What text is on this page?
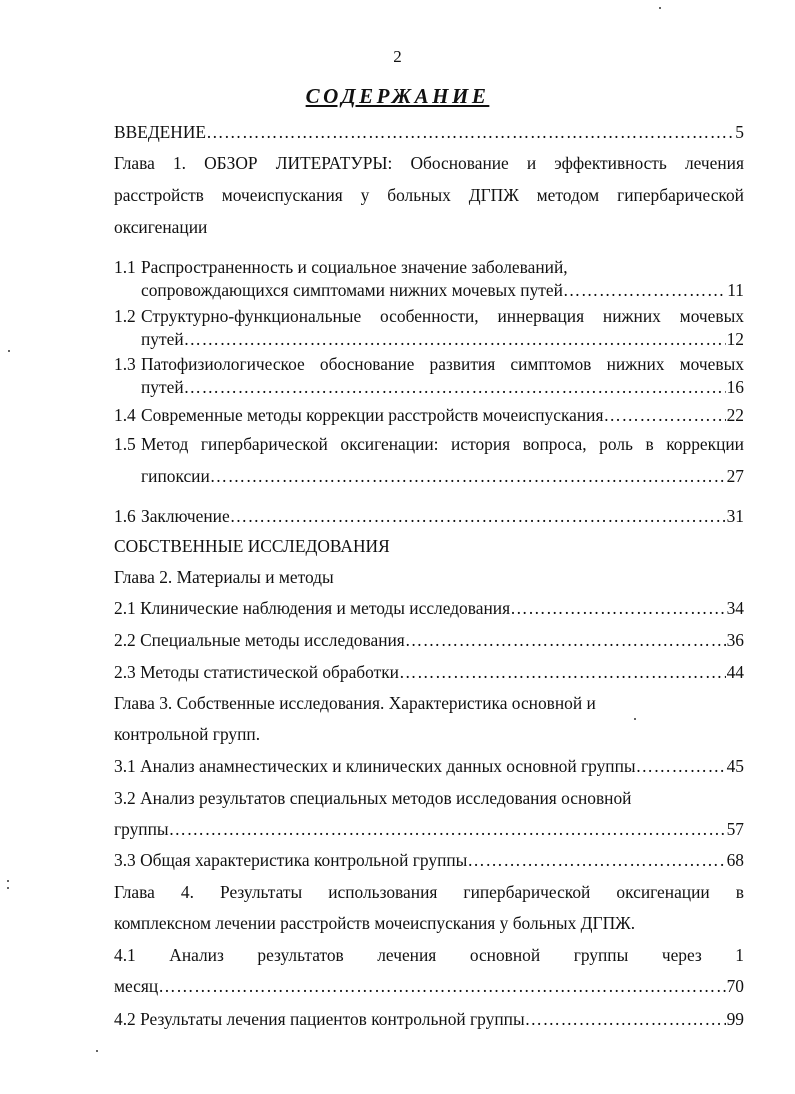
2
СОДЕРЖАНИЕ
ВВЕДЕНИЕ …………………………………………………………………………………………………………………………………………………………………………	5
Глава 1. ОБЗОР ЛИТЕРАТУРЫ: Обоснование и эффективность лечения
расстройств мочеиспускания у больных ДГПЖ методом гипербарической
оксигенации
1.1 Распространенность и социальное значение заболеваний,
сопровождающихся симптомами нижних мочевых путей …………………………………………………………………………………………………………………………………………………………………………	11
1.2 Структурно-функциональные особенности, иннервация нижних мочевых
путей …………………………………………………………………………………………………………………………………………………………………………	12
1.3 Патофизиологическое обоснование развития симптомов нижних мочевых
путей …………………………………………………………………………………………………………………………………………………………………………	16
1.4 Современные методы коррекции расстройств мочеиспускания …………………………………………………………………………………………………………………………………………………………………………	22
1.5 Метод гипербарической оксигенации: история вопроса, роль в коррекции
гипоксии …………………………………………………………………………………………………………………………………………………………………………	27
1.6 Заключение …………………………………………………………………………………………………………………………………………………………………………	31
СОБСТВЕННЫЕ ИССЛЕДОВАНИЯ
Глава 2. Материалы и методы
2.1 Клинические наблюдения и методы исследования …………………………………………………………………………………………………………………………………………………………………………	34
2.2 Специальные методы исследования …………………………………………………………………………………………………………………………………………………………………………	36
2.3 Методы статистической обработки …………………………………………………………………………………………………………………………………………………………………………	44
Глава 3. Собственные исследования. Характеристика основной и
контрольной групп.
3.1 Анализ анамнестических и клинических данных основной группы …………………………………………………………………………………………………………………………………………………………………………	45
3.2 Анализ результатов специальных методов исследования основной
группы …………………………………………………………………………………………………………………………………………………………………………	57
3.3 Общая характеристика контрольной группы …………………………………………………………………………………………………………………………………………………………………………	68
Глава 4. Результаты использования гипербарической оксигенации в
комплексном лечении расстройств мочеиспускания у больных ДГПЖ.
4.1 Анализ результатов лечения основной группы через 1
месяц …………………………………………………………………………………………………………………………………………………………………………	70
4.2 Результаты лечения пациентов контрольной группы …………………………………………………………………………………………………………………………………………………………………………	99
